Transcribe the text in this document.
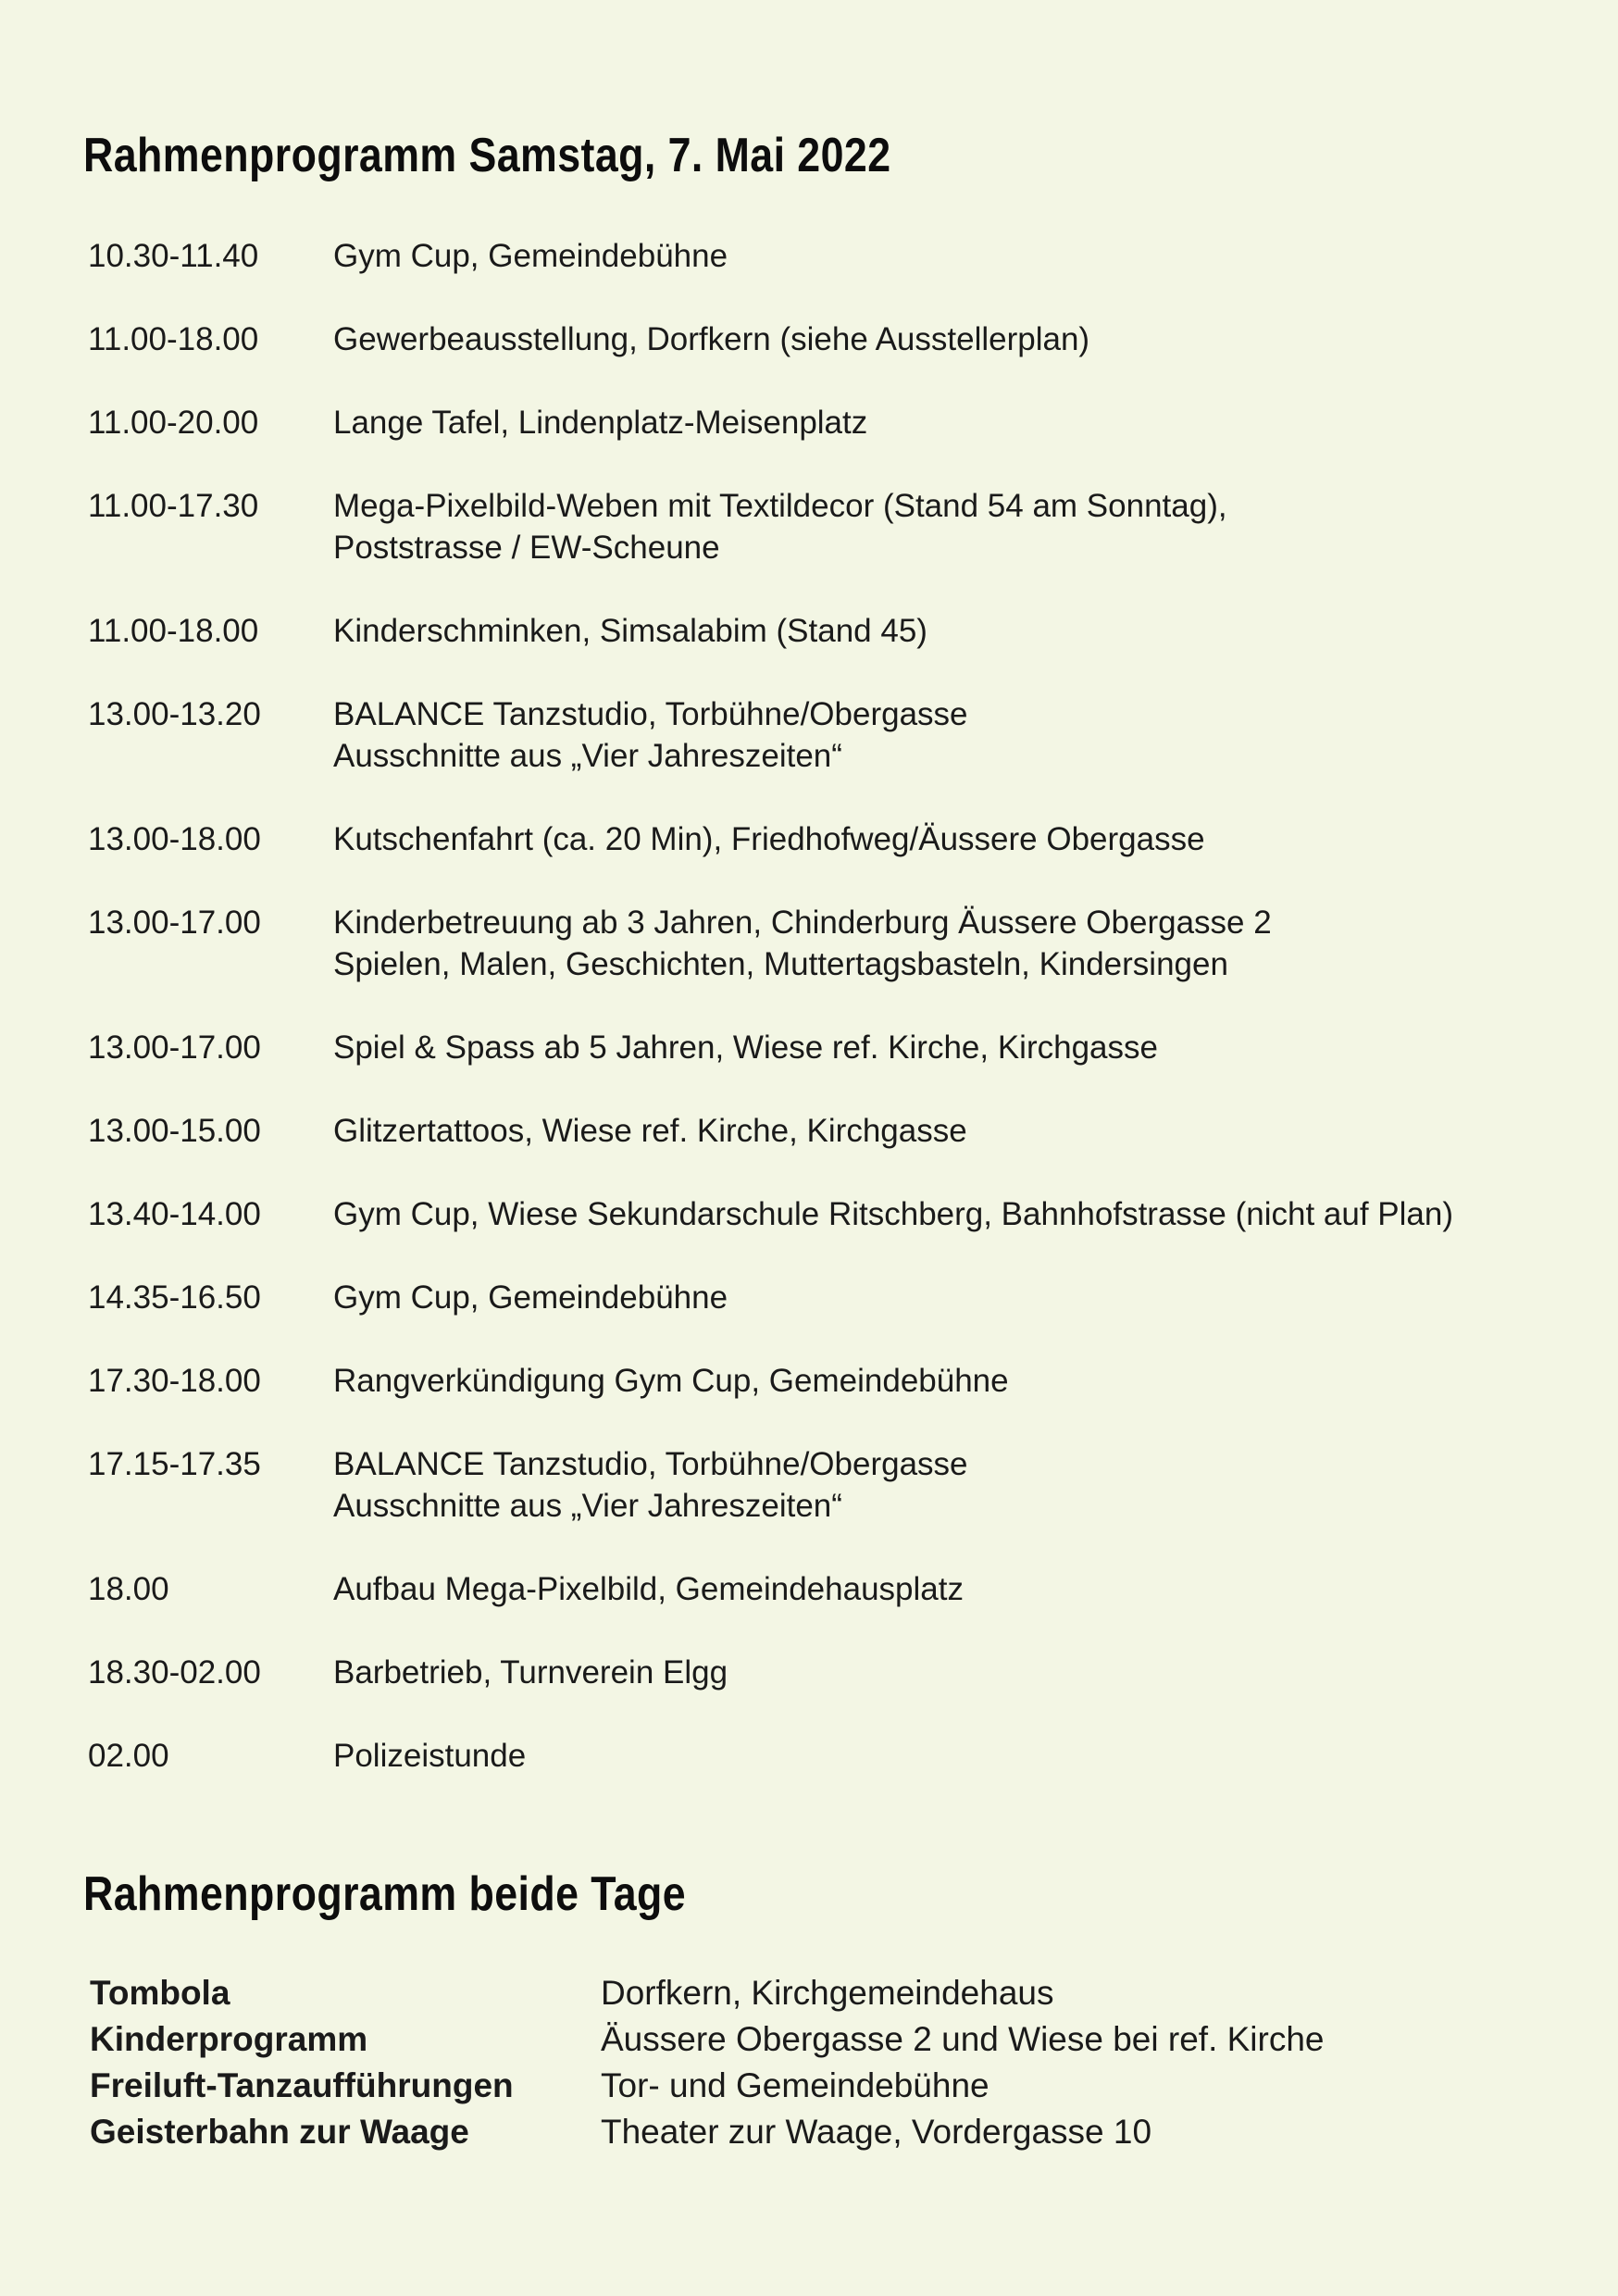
Rahmenprogramm Samstag, 7. Mai 2022
10.30-11.40	Gym Cup, Gemeindebühne
11.00-18.00	Gewerbeausstellung, Dorfkern (siehe Ausstellerplan)
11.00-20.00	Lange Tafel, Lindenplatz-Meisenplatz
11.00-17.30	Mega-Pixelbild-Weben mit Textildecor (Stand 54 am Sonntag),
Poststrasse / EW-Scheune
11.00-18.00	Kinderschminken, Simsalabim (Stand 45)
13.00-13.20	BALANCE Tanzstudio, Torbühne/Obergasse
Ausschnitte aus „Vier Jahreszeiten“
13.00-18.00	Kutschenfahrt (ca. 20 Min), Friedhofweg/Äussere Obergasse
13.00-17.00	Kinderbetreuung ab 3 Jahren, Chinderburg Äussere Obergasse 2
Spielen, Malen, Geschichten, Muttertagsbasteln, Kindersingen
13.00-17.00	Spiel & Spass ab 5 Jahren, Wiese ref. Kirche, Kirchgasse
13.00-15.00	Glitzertattoos, Wiese ref. Kirche, Kirchgasse
13.40-14.00	Gym Cup, Wiese Sekundarschule Ritschberg, Bahnhofstrasse (nicht auf Plan)
14.35-16.50	Gym Cup, Gemeindebühne
17.30-18.00	Rangverkündigung Gym Cup, Gemeindebühne
17.15-17.35	BALANCE Tanzstudio, Torbühne/Obergasse
Ausschnitte aus „Vier Jahreszeiten“
18.00	Aufbau Mega-Pixelbild, Gemeindehausplatz
18.30-02.00	Barbetrieb, Turnverein Elgg
02.00	Polizeistunde
Rahmenprogramm beide Tage
Tombola	Dorfkern, Kirchgemeindehaus
Kinderprogramm	Äussere Obergasse 2 und Wiese bei ref. Kirche
Freiluft-Tanzaufführungen	Tor- und Gemeindebühne
Geisterbahn zur Waage	Theater zur Waage, Vordergasse 10
